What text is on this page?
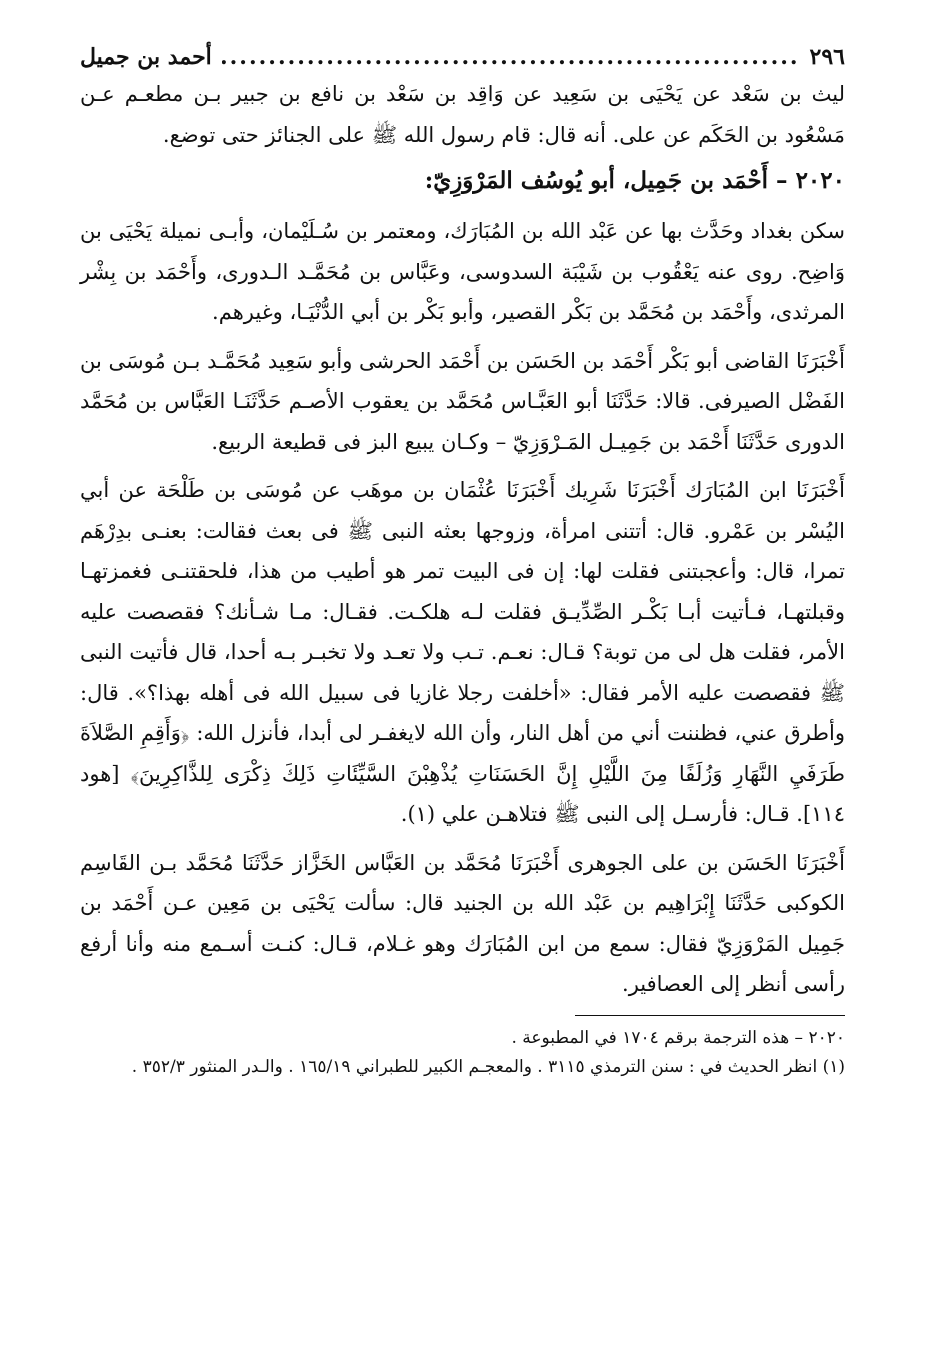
٢٩٦
.....
أحمد بن جميل

ليث بن سَعْد عن يَحْيَى بن سَعِيد عن وَاقِد بن سَعْد بن نافع بن جبير بـن مطعـم عـن مَسْعُود بن الحَكَم عن على. أنه قال: قام رسول الله ﷺ على الجنائز حتى توضع.

٢٠٢٠ – أَحْمَد بن جَمِيل، أبو يُوسُف المَرْوَزِيّ:

سكن بغداد وحَدَّث بها عن عَبْد الله بن المُبَارَك، ومعتمر بن سُـلَيْمان، وأبـى نميلة يَحْيَى بن وَاضِح. روى عنه يَعْقُوب بن شَيْبَة السدوسى، وعَبَّاس بن مُحَمَّـد الـدورى، وأَحْمَد بن بِشْر المرثدى، وأَحْمَد بن مُحَمَّد بن بَكْر القصير، وأبو بَكْر بن أبي الدُّنْيَـا، وغيرهم.

أَخْبَرَنَا القاضى أبو بَكْر أَحْمَد بن الحَسَن بن أَحْمَد الحرشى وأبو سَعِيد مُحَمَّـد بـن مُوسَى بن الفَضْل الصيرفى. قالا: حَدَّثَنَا أبو العَبَّـاس مُحَمَّد بن يعقوب الأصـم حَدَّثَنَـا العَبَّاس بن مُحَمَّد الدورى حَدَّثَنَا أَحْمَد بن جَمِيـل المَـرْوَزِيّ – وكـان يبيع البز فى قطيعة الربيع.

أَخْبَرَنَا ابن المُبَارَك أَخْبَرَنَا شَرِيك أَخْبَرَنَا عُثْمَان بن موهَب عن مُوسَى بن طَلْحَة عن أبي اليُسْر بن عَمْرو. قال: أتتنى امرأة، وزوجها بعثه النبى ﷺ فى بعث فقالت: بعنـى بدِرْهَم تمرا، قال: وأعجبتنى فقلت لها: إن فى البيت تمر هو أطيب من هذا، فلحقتنـى فغمزتهـا وقبلتهـا، فـأتيت أبـا بَكْـر الصِّدِّيـق فقلت لـه هلكـت. فقـال: مـا شـأنك؟ فقصصت عليه الأمر، فقلت هل لى من توبة؟ قـال: نعـم. تـب ولا تعـد ولا تخبـر بـه أحدا، قال فأتيت النبى ﷺ فقصصت عليه الأمر فقال: «أخلفت رجلا غازيا فى سبيل الله فى أهله بهذا؟». قال: وأطرق عني، فظننت أني من أهل النار، وأن الله لايغفـر لى أبدا، فأنزل الله: ﴿وَأَقِمِ الصَّلاَةَ طَرَفَيِ النَّهَارِ وَزُلَفًا مِنَ اللَّيْلِ إِنَّ الحَسَنَاتِ يُذْهِبْنَ السَّيِّئَاتِ ذَلِكَ ذِكْرَى لِلذَّاكِرِينَ﴾ [هود ١١٤]. قـال: فأرسـل إلى النبى ﷺ فتلاهـن علي (١).

أَخْبَرَنَا الحَسَن بن على الجوهرى أَخْبَرَنَا مُحَمَّد بن العَبَّاس الخَزَّاز حَدَّثَنَا مُحَمَّد بـن القَاسِم الكوكبى حَدَّثَنَا إِبْرَاهِيم بن عَبْد الله بن الجنيد قال: سألت يَحْيَى بن مَعِين عـن أَحْمَد بن جَمِيل المَرْوَزِيّ فقال: سمع من ابن المُبَارَك وهو غـلام، قـال: كنـت أسـمع منه وأنا أرفع رأسى أنظر إلى العصافير.

٢٠٢٠ – هذه الترجمة برقم ١٧٠٤ في المطبوعة .

(١) انظر الحديث في : سنن الترمذي ٣١١٥ . والمعجـم الكبير للطبراني ١٦٥/١٩ . والـدر المنثور ٣٥٢/٣ .
